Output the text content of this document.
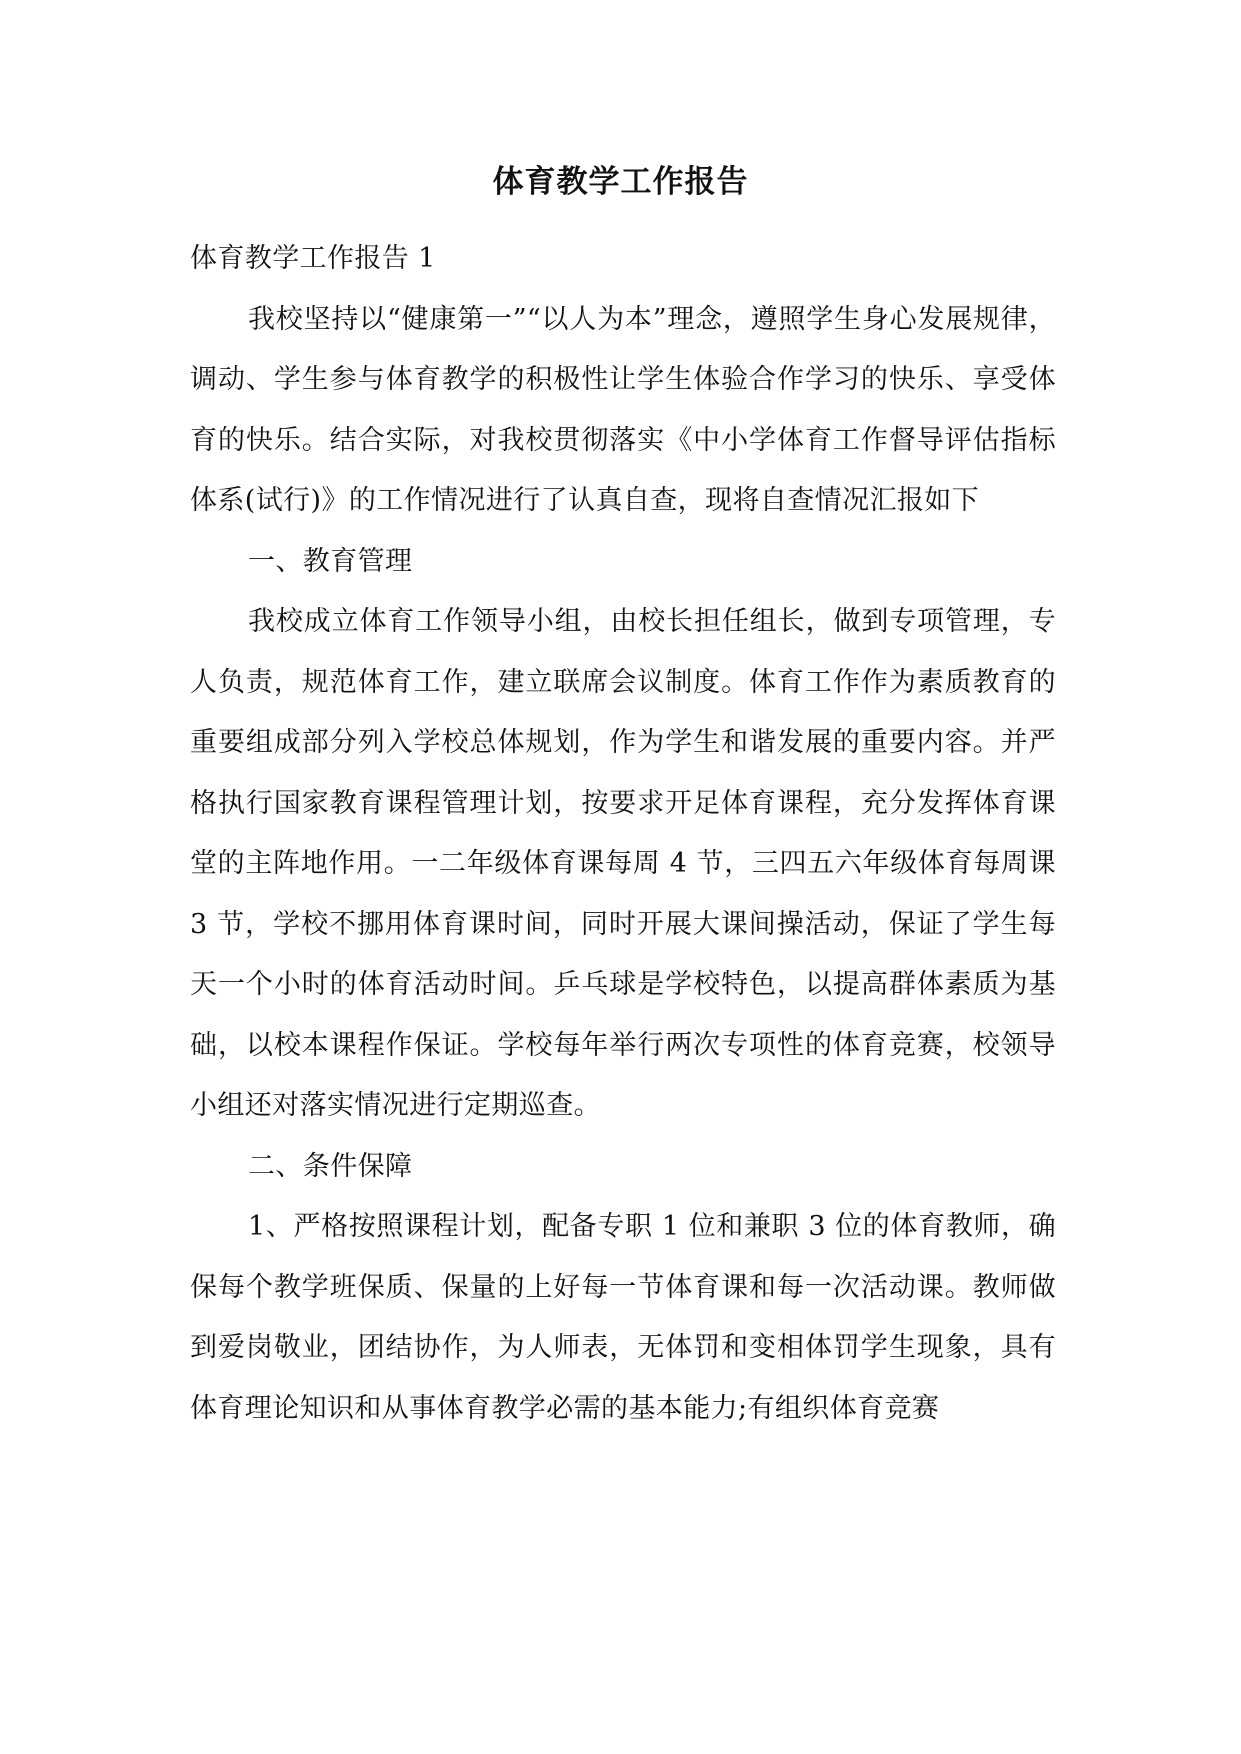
体育教学工作报告

体育教学工作报告 1

我校坚持以“健康第一”“以人为本”理念，遵照学生身心发展规律，调动、学生参与体育教学的积极性让学生体验合作学习的快乐、享受体育的快乐。结合实际，对我校贯彻落实《中小学体育工作督导评估指标体系(试行)》的工作情况进行了认真自查，现将自查情况汇报如下

一、教育管理

我校成立体育工作领导小组，由校长担任组长，做到专项管理，专人负责，规范体育工作，建立联席会议制度。体育工作作为素质教育的重要组成部分列入学校总体规划，作为学生和谐发展的重要内容。并严格执行国家教育课程管理计划，按要求开足体育课程，充分发挥体育课堂的主阵地作用。一二年级体育课每周 4 节，三四五六年级体育每周课 3 节，学校不挪用体育课时间，同时开展大课间操活动，保证了学生每天一个小时的体育活动时间。乒乓球是学校特色，以提高群体素质为基础，以校本课程作保证。学校每年举行两次专项性的体育竞赛，校领导小组还对落实情况进行定期巡查。

二、条件保障

1、严格按照课程计划，配备专职 1 位和兼职 3 位的体育教师，确保每个教学班保质、保量的上好每一节体育课和每一次活动课。教师做到爱岗敬业，团结协作，为人师表，无体罚和变相体罚学生现象，具有体育理论知识和从事体育教学必需的基本能力;有组织体育竞赛
